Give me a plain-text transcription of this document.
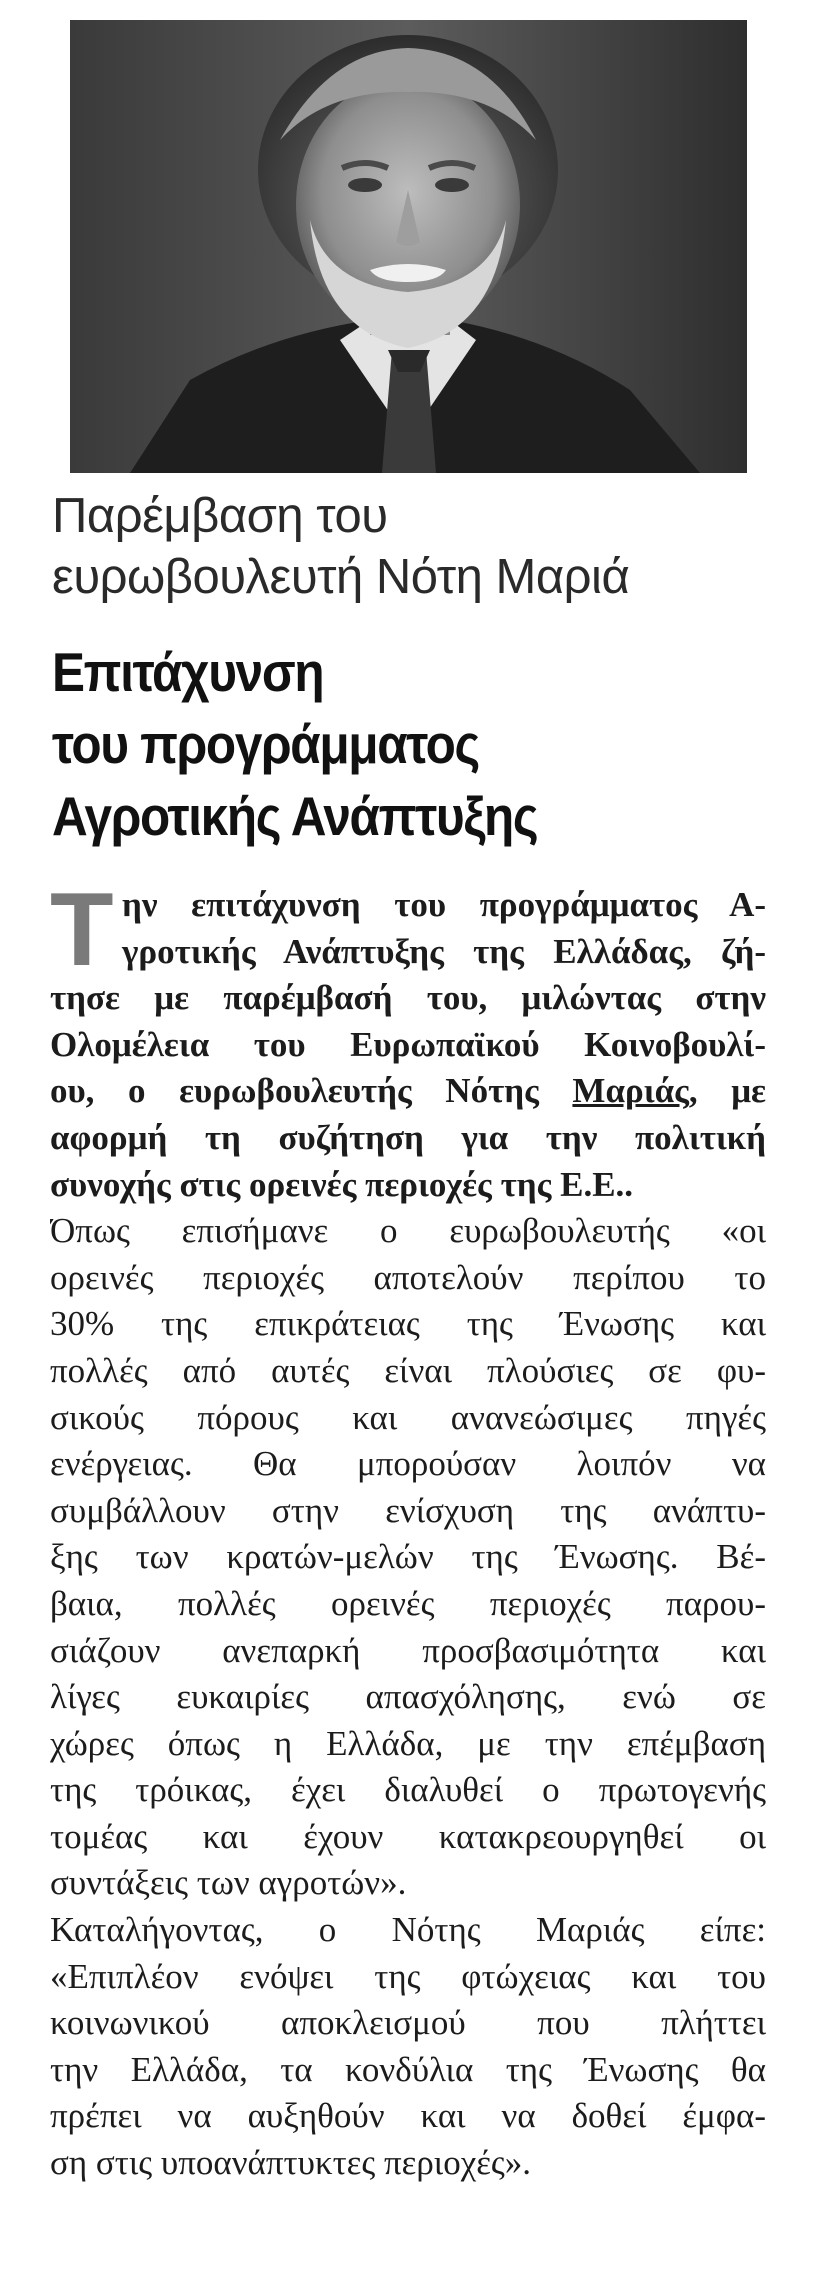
Παρέμβαση του
ευρωβουλευτή Νότη Μαριά
Επιτάχυνση
του προγράμματος
Αγροτικής Ανάπτυξης
Τ ην επιτάχυνση του προγράμματος Α-
γροτικής Ανάπτυξης της Ελλάδας, ζή-
τησε με παρέμβασή του, μιλώντας στην
Ολομέλεια του Ευρωπαϊκού Κοινοβουλί-
ου, ο ευρωβουλευτής Νότης Μαριάς, με
αφορμή τη συζήτηση για την πολιτική
συνοχής στις ορεινές περιοχές της Ε.Ε..
Όπως επισήμανε ο ευρωβουλευτής «οι
ορεινές περιοχές αποτελούν περίπου το
30% της επικράτειας της Ένωσης και
πολλές από αυτές είναι πλούσιες σε φυ-
σικούς πόρους και ανανεώσιμες πηγές
ενέργειας. Θα μπορούσαν λοιπόν να
συμβάλλουν στην ενίσχυση της ανάπτυ-
ξης των κρατών-μελών της Ένωσης. Βέ-
βαια, πολλές ορεινές περιοχές παρου-
σιάζουν ανεπαρκή προσβασιμότητα και
λίγες ευκαιρίες απασχόλησης, ενώ σε
χώρες όπως η Ελλάδα, με την επέμβαση
της τρόικας, έχει διαλυθεί ο πρωτογενής
τομέας και έχουν κατακρεουργηθεί οι
συντάξεις των αγροτών».
Καταλήγοντας, ο Νότης Μαριάς είπε:
«Επιπλέον ενόψει της φτώχειας και του
κοινωνικού αποκλεισμού που πλήττει
την Ελλάδα, τα κονδύλια της Ένωσης θα
πρέπει να αυξηθούν και να δοθεί έμφα-
ση στις υποανάπτυκτες περιοχές».
